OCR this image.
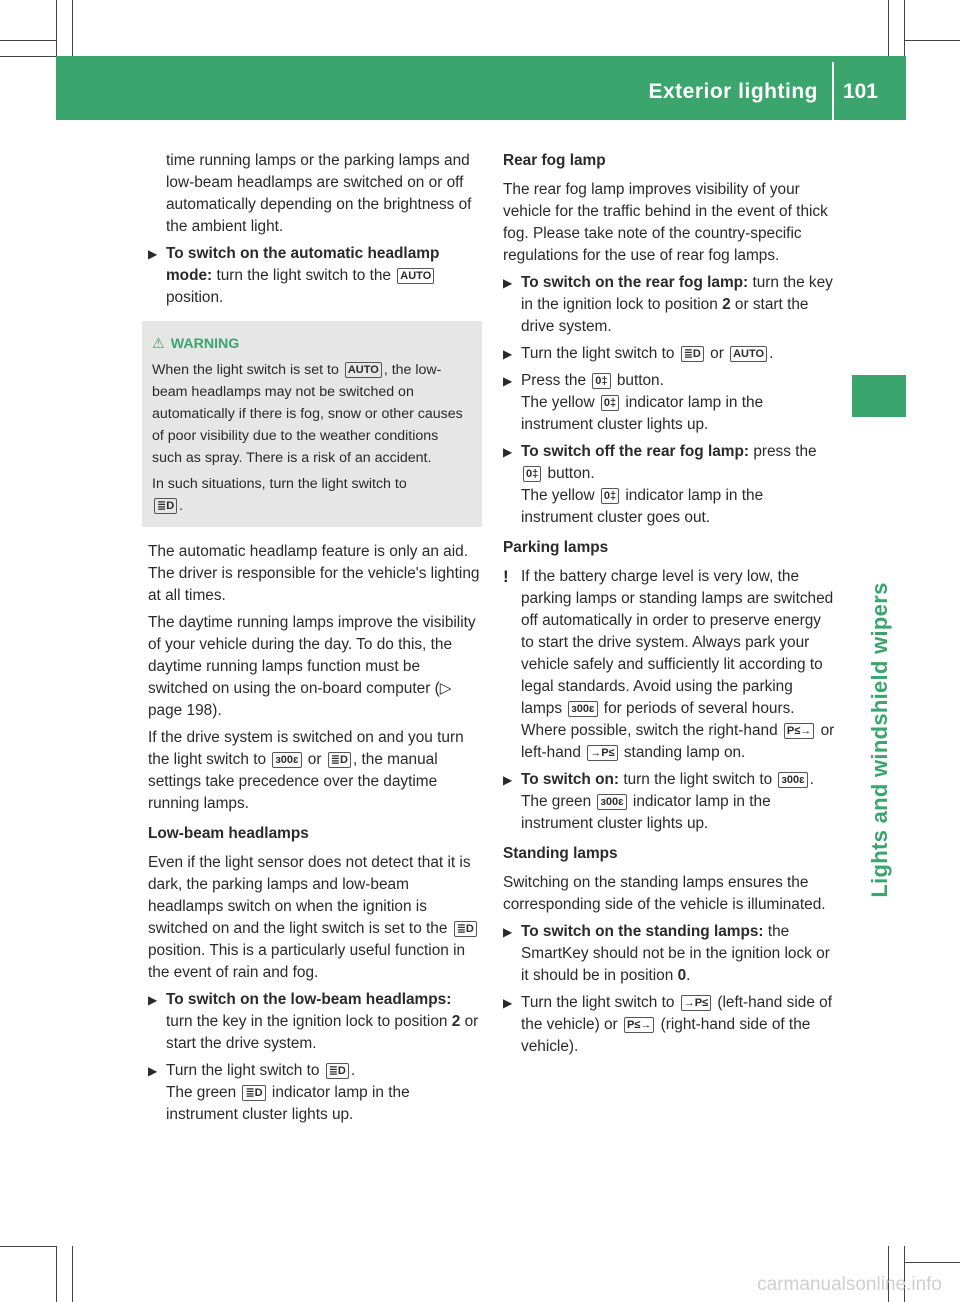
Exterior lighting 101
Lights and windshield wipers

time running lamps or the parking lamps and low-beam headlamps are switched on or off automatically depending on the brightness of the ambient light.

▶ To switch on the automatic headlamp mode: turn the light switch to the AUTO
position.
⚠ WARNING
When the light switch is set to AUTO , the low-beam headlamps may not be switched on automatically if there is fog, snow or other causes of poor visibility due to the weather conditions such as spray. There is a risk of an accident.
In such situations, turn the light switch to
≣D .

The automatic headlamp feature is only an aid. The driver is responsible for the vehicle's lighting at all times.

The daytime running lamps improve the visibility of your vehicle during the day. To do this, the daytime running lamps function must be switched on using the on-board computer (▷ page 198).

If the drive system is switched on and you turn the light switch to ɜ00ɛ or ≣D , the manual settings take precedence over the daytime running lamps.

Low-beam headlamps

Even if the light sensor does not detect that it is dark, the parking lamps and low-beam headlamps switch on when the ignition is switched on and the light switch is set to the ≣D position. This is a particularly useful function in the event of rain and fog.

▶ To switch on the low-beam headlamps: turn the key in the ignition lock to position 2 or start the drive system.
▶ Turn the light switch to ≣D .
The green ≣D indicator lamp in the instrument cluster lights up.
Rear fog lamp

The rear fog lamp improves visibility of your vehicle for the traffic behind in the event of thick fog. Please take note of the country-specific regulations for the use of rear fog lamps.

▶ To switch on the rear fog lamp: turn the key in the ignition lock to position 2 or start the drive system.
▶ Turn the light switch to ≣D or AUTO .
▶ Press the 0‡ button.
The yellow 0‡ indicator lamp in the instrument cluster lights up.
▶ To switch off the rear fog lamp: press the 0‡ button.
The yellow 0‡ indicator lamp in the instrument cluster goes out.
Parking lamps
! If the battery charge level is very low, the parking lamps or standing lamps are switched off automatically in order to preserve energy to start the drive system. Always park your vehicle safely and sufficiently lit according to legal standards. Avoid using the parking lamps ɜ00ɛ for periods of several hours. Where possible, switch the right-hand P≤→ or left-hand →P≤ standing lamp on.
▶ To switch on: turn the light switch to ɜ00ɛ .
The green ɜ00ɛ indicator lamp in the instrument cluster lights up.
Standing lamps

Switching on the standing lamps ensures the corresponding side of the vehicle is illuminated.

▶ To switch on the standing lamps: the SmartKey should not be in the ignition lock or it should be in position 0.
▶ Turn the light switch to →P≤ (left-hand side of the vehicle) or P≤→ (right-hand side of the vehicle).
carmanualsonline.info
